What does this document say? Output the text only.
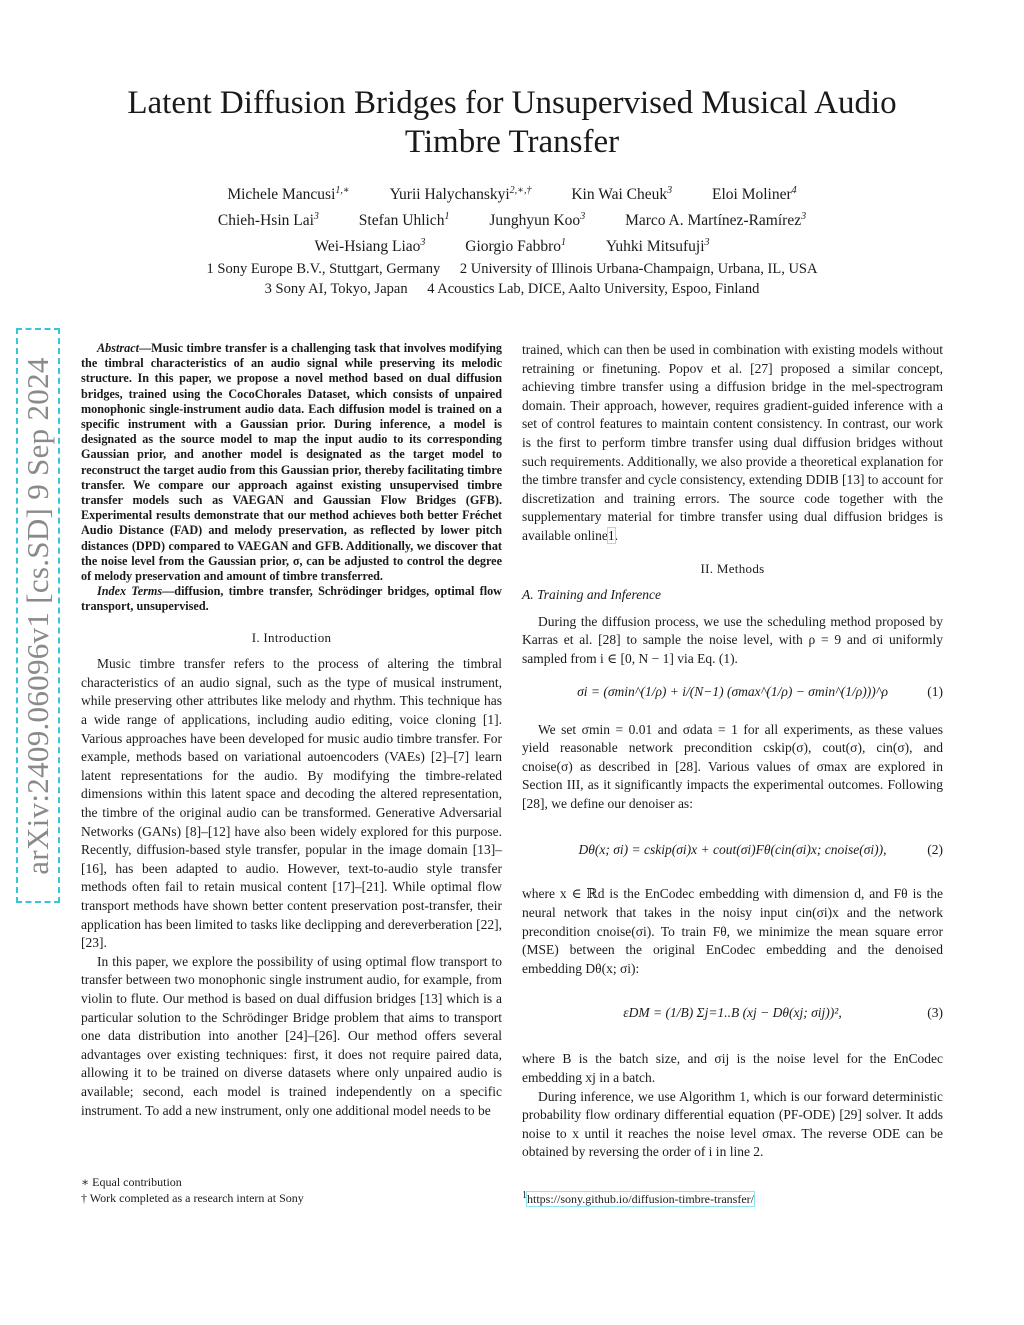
arXiv:2409.06096v1 [cs.SD] 9 Sep 2024
Latent Diffusion Bridges for Unsupervised Musical Audio
Timbre Transfer
Michele Mancusi$^{1,∗}$	Yurii Halychanskyi$^{2,∗,\dagger}$	Kin Wai Cheuk$^3$	Eloi Moliner$^4$
Chieh-Hsin Lai$^3$	Stefan Uhlich$^1$	Junghyun Koo$^3$	Marco A. Martínez-Ramírez$^3$
Wei-Hsiang Liao$^3$	Giorgio Fabbro$^1$	Yuhki Mitsufuji$^3$
1 Sony Europe B.V., Stuttgart, Germany 2 University of Illinois Urbana-Champaign, Urbana, IL, USA
3 Sony AI, Tokyo, Japan 4 Acoustics Lab, DICE, Aalto University, Espoo, Finland

Abstract—Music timbre transfer is a challenging task that involves modifying the timbral characteristics of an audio signal while preserving its melodic structure. In this paper, we propose a novel method based on dual diffusion bridges, trained using the CocoChorales Dataset, which consists of unpaired monophonic single-instrument audio data. Each diffusion model is trained on a specific instrument with a Gaussian prior. During inference, a model is designated as the source model to map the input audio to its corresponding Gaussian prior, and another model is designated as the target model to reconstruct the target audio from this Gaussian prior, thereby facilitating timbre transfer. We compare our approach against existing unsupervised timbre transfer models such as VAEGAN and Gaussian Flow Bridges (GFB). Experimental results demonstrate that our method achieves both better Fréchet Audio Distance (FAD) and melody preservation, as reflected by lower pitch distances (DPD) compared to VAEGAN and GFB. Additionally, we discover that the noise level from the Gaussian prior, σ, can be adjusted to control the degree of melody preservation and amount of timbre transferred.

Index Terms—diffusion, timbre transfer, Schrödinger bridges, optimal flow transport, unsupervised.

I. Introduction

Music timbre transfer refers to the process of altering the timbral characteristics of an audio signal, such as the type of musical instrument, while preserving other attributes like melody and rhythm. This technique has a wide range of applications, including audio editing, voice cloning [1]. Various approaches have been developed for music audio timbre transfer. For example, methods based on variational autoencoders (VAEs) [2]–[7] learn latent representations for the audio. By modifying the timbre-related dimensions within this latent space and decoding the altered representation, the timbre of the original audio can be transformed. Generative Adversarial Networks (GANs) [8]–[12] have also been widely explored for this purpose. Recently, diffusion-based style transfer, popular in the image domain [13]–[16], has been adapted to audio. However, text-to-audio style transfer methods often fail to retain musical content [17]–[21]. While optimal flow transport methods have shown better content preservation post-transfer, their application has been limited to tasks like declipping and dereverberation [22], [23].

In this paper, we explore the possibility of using optimal flow transport to transfer between two monophonic single instrument audio, for example, from violin to flute. Our method is based on dual diffusion bridges [13] which is a particular solution to the Schrödinger Bridge problem that aims to transport one data distribution into another [24]–[26]. Our method offers several advantages over existing techniques: first, it does not require paired data, allowing it to be trained on diverse datasets where only unpaired audio is available; second, each model is trained independently on a specific instrument. To add a new instrument, only one additional model needs to be

trained, which can then be used in combination with existing models without retraining or finetuning. Popov et al. [27] proposed a similar concept, achieving timbre transfer using a diffusion bridge in the mel-spectrogram domain. Their approach, however, requires gradient-guided inference with a set of control features to maintain content consistency. In contrast, our work is the first to perform timbre transfer using dual diffusion bridges without such requirements. Additionally, we also provide a theoretical explanation for the timbre transfer and cycle consistency, extending DDIB [13] to account for discretization and training errors. The source code together with the supplementary material for timbre transfer using dual diffusion bridges is available online1.

II. Methods
A. Training and Inference

During the diffusion process, we use the scheduling method proposed by Karras et al. [28] to sample the noise level, with ρ = 9 and σi uniformly sampled from i ∈ [0, N − 1] via Eq. (1).

σi = (σmin^(1/ρ) + i/(N−1) (σmax^(1/ρ) − σmin^(1/ρ)))^ρ	(1)

We set σmin = 0.01 and σdata = 1 for all experiments, as these values yield reasonable network precondition cskip(σ), cout(σ), cin(σ), and cnoise(σ) as described in [28]. Various values of σmax are explored in Section III, as it significantly impacts the experimental outcomes. Following [28], we define our denoiser as:

Dθ(x; σi) = cskip(σi)x + cout(σi)Fθ(cin(σi)x; cnoise(σi)),	(2)

where x ∈ ℝd is the EnCodec embedding with dimension d, and Fθ is the neural network that takes in the noisy input cin(σi)x and the network precondition cnoise(σi). To train Fθ, we minimize the mean square error (MSE) between the original EnCodec embedding and the denoised embedding Dθ(x; σi):

εDM = (1/B) Σj=1..B (xj − Dθ(xj; σij))²,	(3)

where B is the batch size, and σij is the noise level for the EnCodec embedding xj in a batch.

During inference, we use Algorithm 1, which is our forward deterministic probability flow ordinary differential equation (PF-ODE) [29] solver. It adds noise to x until it reaches the noise level σmax. The reverse ODE can be obtained by reversing the order of i in line 2.

∗ Equal contribution
† Work completed as a research intern at Sony	$^1$https://sony.github.io/diffusion-timbre-transfer/
